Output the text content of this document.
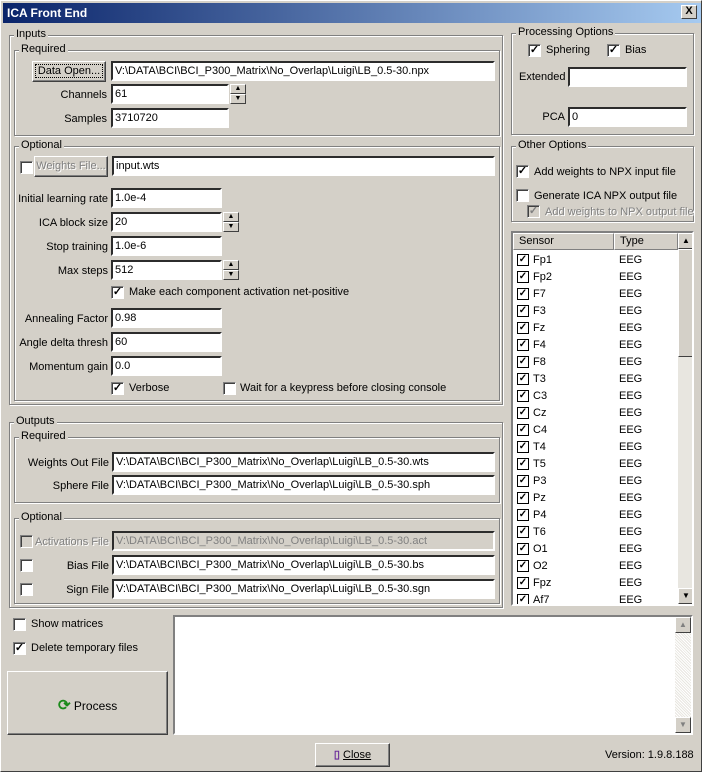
ICA Front End	X
Inputs
Required
Data Open...	V:\DATA\BCI\BCI_P300_Matrix\No_Overlap\Luigi\LB_0.5-30.npx
Channels 61	▲
▼
Samples 3710720
Optional
Weights File... input.wts
Initial learning rate 1.0e-4
ICA block size 20	▲
▼
Stop training 1.0e-6
Max steps 512	▲
▼
✓ Make each component activation net-positive
Annealing Factor 0.98
Angle delta thresh 60
Momentum gain 0.0
✓ Verbose	Wait for a keypress before closing console
Outputs
Required
Weights Out File V:\DATA\BCI\BCI_P300_Matrix\No_Overlap\Luigi\LB_0.5-30.wts
Sphere File V:\DATA\BCI\BCI_P300_Matrix\No_Overlap\Luigi\LB_0.5-30.sph
Optional
Activations File V:\DATA\BCI\BCI_P300_Matrix\No_Overlap\Luigi\LB_0.5-30.act
Bias File V:\DATA\BCI\BCI_P300_Matrix\No_Overlap\Luigi\LB_0.5-30.bs
Sign File V:\DATA\BCI\BCI_P300_Matrix\No_Overlap\Luigi\LB_0.5-30.sgn
Processing Options
✓ Sphering ✓ Bias
Extended
PCA 0
Other Options
✓ Add weights to NPX input file
Generate ICA NPX output file
✓ Add weights to NPX output file
Sensor	Type
✓ Fp1	EEG
✓ Fp2	EEG
✓ F7	EEG
✓ F3	EEG
✓ Fz	EEG
✓ F4	EEG
✓ F8	EEG
✓ T3	EEG
✓ C3	EEG
✓ Cz	EEG
✓ C4	EEG
✓ T4	EEG
✓ T5	EEG
✓ P3	EEG
✓ Pz	EEG
✓ P4	EEG
✓ T6	EEG
✓ O1	EEG
✓ O2	EEG
✓ Fpz	EEG
✓ Af7	EEG
▲
▼
Show matrices
✓ Delete temporary files
⟳ Process
▲
▼
▯ Close	Version: 1.9.8.188
